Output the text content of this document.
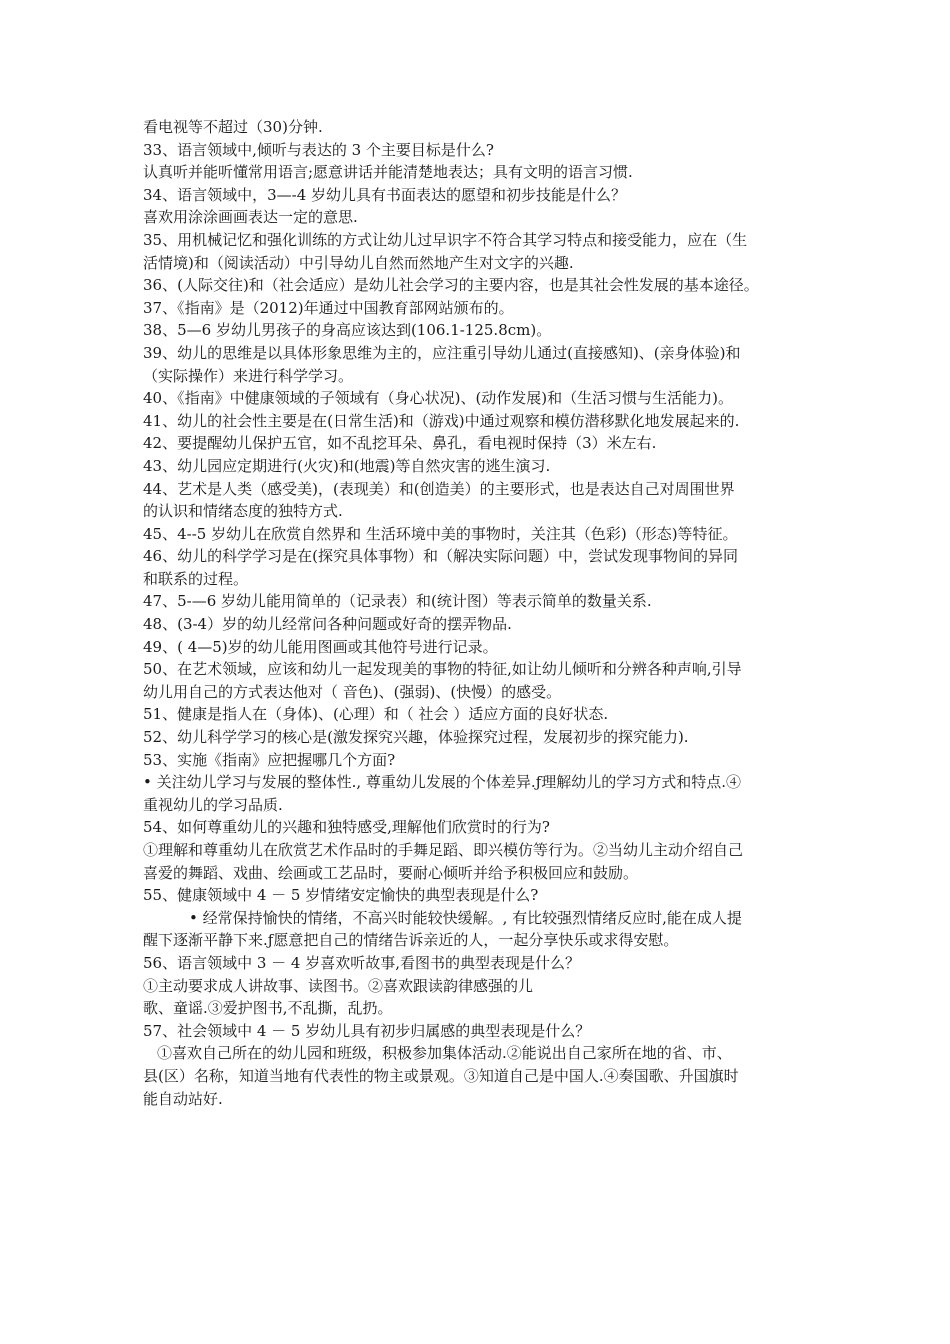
看电视等不超过（30)分钟.
33、语言领域中,倾听与表达的 3 个主要目标是什么?
认真听并能听懂常用语言;愿意讲话并能清楚地表达；具有文明的语言习惯.
34、语言领域中，3—-4 岁幼儿具有书面表达的愿望和初步技能是什么？
喜欢用涂涂画画表达一定的意思.
35、用机械记忆和强化训练的方式让幼儿过早识字不符合其学习特点和接受能力，应在（生
活情境)和（阅读活动）中引导幼儿自然而然地产生对文字的兴趣.
36、(人际交往)和（社会适应）是幼儿社会学习的主要内容，也是其社会性发展的基本途径。
37、《指南》是（2012)年通过中国教育部网站颁布的。
38、5—6 岁幼儿男孩子的身高应该达到(106.1-125.8cm)。
39、幼儿的思维是以具体形象思维为主的，应注重引导幼儿通过(直接感知)、(亲身体验)和
（实际操作）来进行科学学习。
40、《指南》中健康领域的子领域有（身心状况)、(动作发展)和（生活习惯与生活能力)。
41、幼儿的社会性主要是在(日常生活)和（游戏)中通过观察和模仿潜移默化地发展起来的.
42、要提醒幼儿保护五官，如不乱挖耳朵、鼻孔，看电视时保持（3）米左右.
43、幼儿园应定期进行(火灾)和(地震)等自然灾害的逃生演习.
44、艺术是人类（感受美)，(表现美）和(创造美）的主要形式，也是表达自己对周围世界
的认识和情绪态度的独特方式.
45、4--5 岁幼儿在欣赏自然界和 生活环境中美的事物时，关注其（色彩)（形态)等特征。
46、幼儿的科学学习是在(探究具体事物）和（解决实际问题）中，尝试发现事物间的异同
和联系的过程。
47、5-—6 岁幼儿能用简单的（记录表）和(统计图）等表示简单的数量关系.
48、(3-4）岁的幼儿经常问各种问题或好奇的摆弄物品.
49、( 4—5)岁的幼儿能用图画或其他符号进行记录。
50、在艺术领域，应该和幼儿一起发现美的事物的特征,如让幼儿倾听和分辨各种声响,引导
幼儿用自己的方式表达他对（ 音色)、(强弱)、(快慢）的感受。
51、健康是指人在（身体)、(心理）和（ 社会 ）适应方面的良好状态.
52、幼儿科学学习的核心是(激发探究兴趣，体验探究过程，发展初步的探究能力).
53、实施《指南》应把握哪几个方面?
• 关注幼儿学习与发展的整体性., 尊重幼儿发展的个体差异.ƒ理解幼儿的学习方式和特点.④
重视幼儿的学习品质.
54、如何尊重幼儿的兴趣和独特感受,理解他们欣赏时的行为?
①理解和尊重幼儿在欣赏艺术作品时的手舞足蹈、即兴模仿等行为。②当幼儿主动介绍自己
喜爱的舞蹈、戏曲、绘画或工艺品时，要耐心倾听并给予积极回应和鼓励。
55、健康领域中 4 － 5 岁情绪安定愉快的典型表现是什么?
• 经常保持愉快的情绪，不高兴时能较快缓解。, 有比较强烈情绪反应时,能在成人提
醒下逐渐平静下来.ƒ愿意把自己的情绪告诉亲近的人，一起分享快乐或求得安慰。
56、语言领域中 3 － 4 岁喜欢听故事,看图书的典型表现是什么？
①主动要求成人讲故事、读图书。②喜欢跟读韵律感强的儿
歌、童谣.③爱护图书,不乱撕，乱扔。
57、社会领域中 4 － 5 岁幼儿具有初步归属感的典型表现是什么？
①喜欢自己所在的幼儿园和班级，积极参加集体活动.②能说出自己家所在地的省、市、
县(区）名称，知道当地有代表性的物主或景观。③知道自己是中国人.④奏国歌、升国旗时
能自动站好.
